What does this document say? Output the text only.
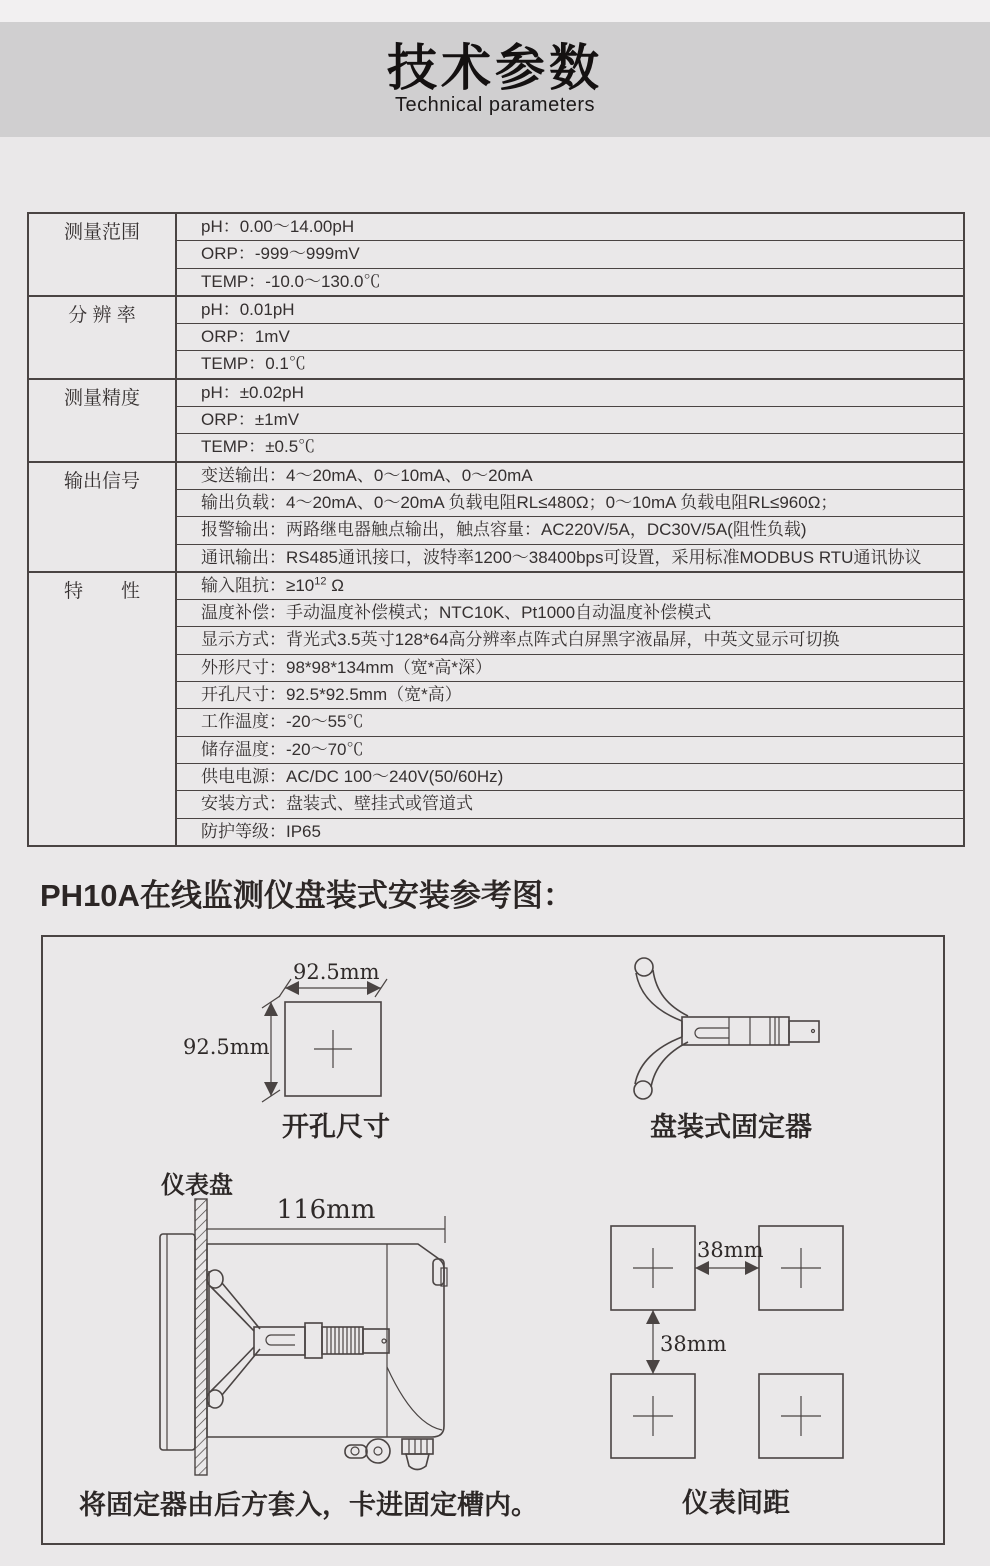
技术参数
Technical parameters
测量范围	pH：0.00～14.00pH
ORP：-999～999mV
TEMP：-10.0～130.0℃
分 辨 率	pH：0.01pH
ORP：1mV
TEMP：0.1℃
测量精度	pH：±0.02pH
ORP：±1mV
TEMP：±0.5℃
输出信号	变送输出：4～20mA、0～10mA、0～20mA
输出负载：4～20mA、0～20mA 负载电阻RL≤480Ω；0～10mA 负载电阻RL≤960Ω；
报警输出：两路继电器触点输出，触点容量：AC220V/5A，DC30V/5A(阻性负载)
通讯输出：RS485通讯接口，波特率1200～38400bps可设置，采用标准MODBUS RTU通讯协议
特　　性	输入阻抗：$\ge 10^{12}$ Ω
温度补偿：手动温度补偿模式；NTC10K、Pt1000自动温度补偿模式
显示方式：背光式3.5英寸128*64高分辨率点阵式白屏黑字液晶屏，中英文显示可切换
外形尺寸：98*98*134mm（宽*高*深）
开孔尺寸：92.5*92.5mm（宽*高）
工作温度：-20～55℃
储存温度：-20～70℃
供电电源：AC/DC 100～240V(50/60Hz)
安装方式：盘装式、壁挂式或管道式
防护等级：IP65
PH10A在线监测仪盘装式安装参考图：
92.5mm
92.5mm
开孔尺寸	盘装式固定器
仪表盘
116mm
将固定器由后方套入，卡进固定槽内。
38mm
38mm
仪表间距
